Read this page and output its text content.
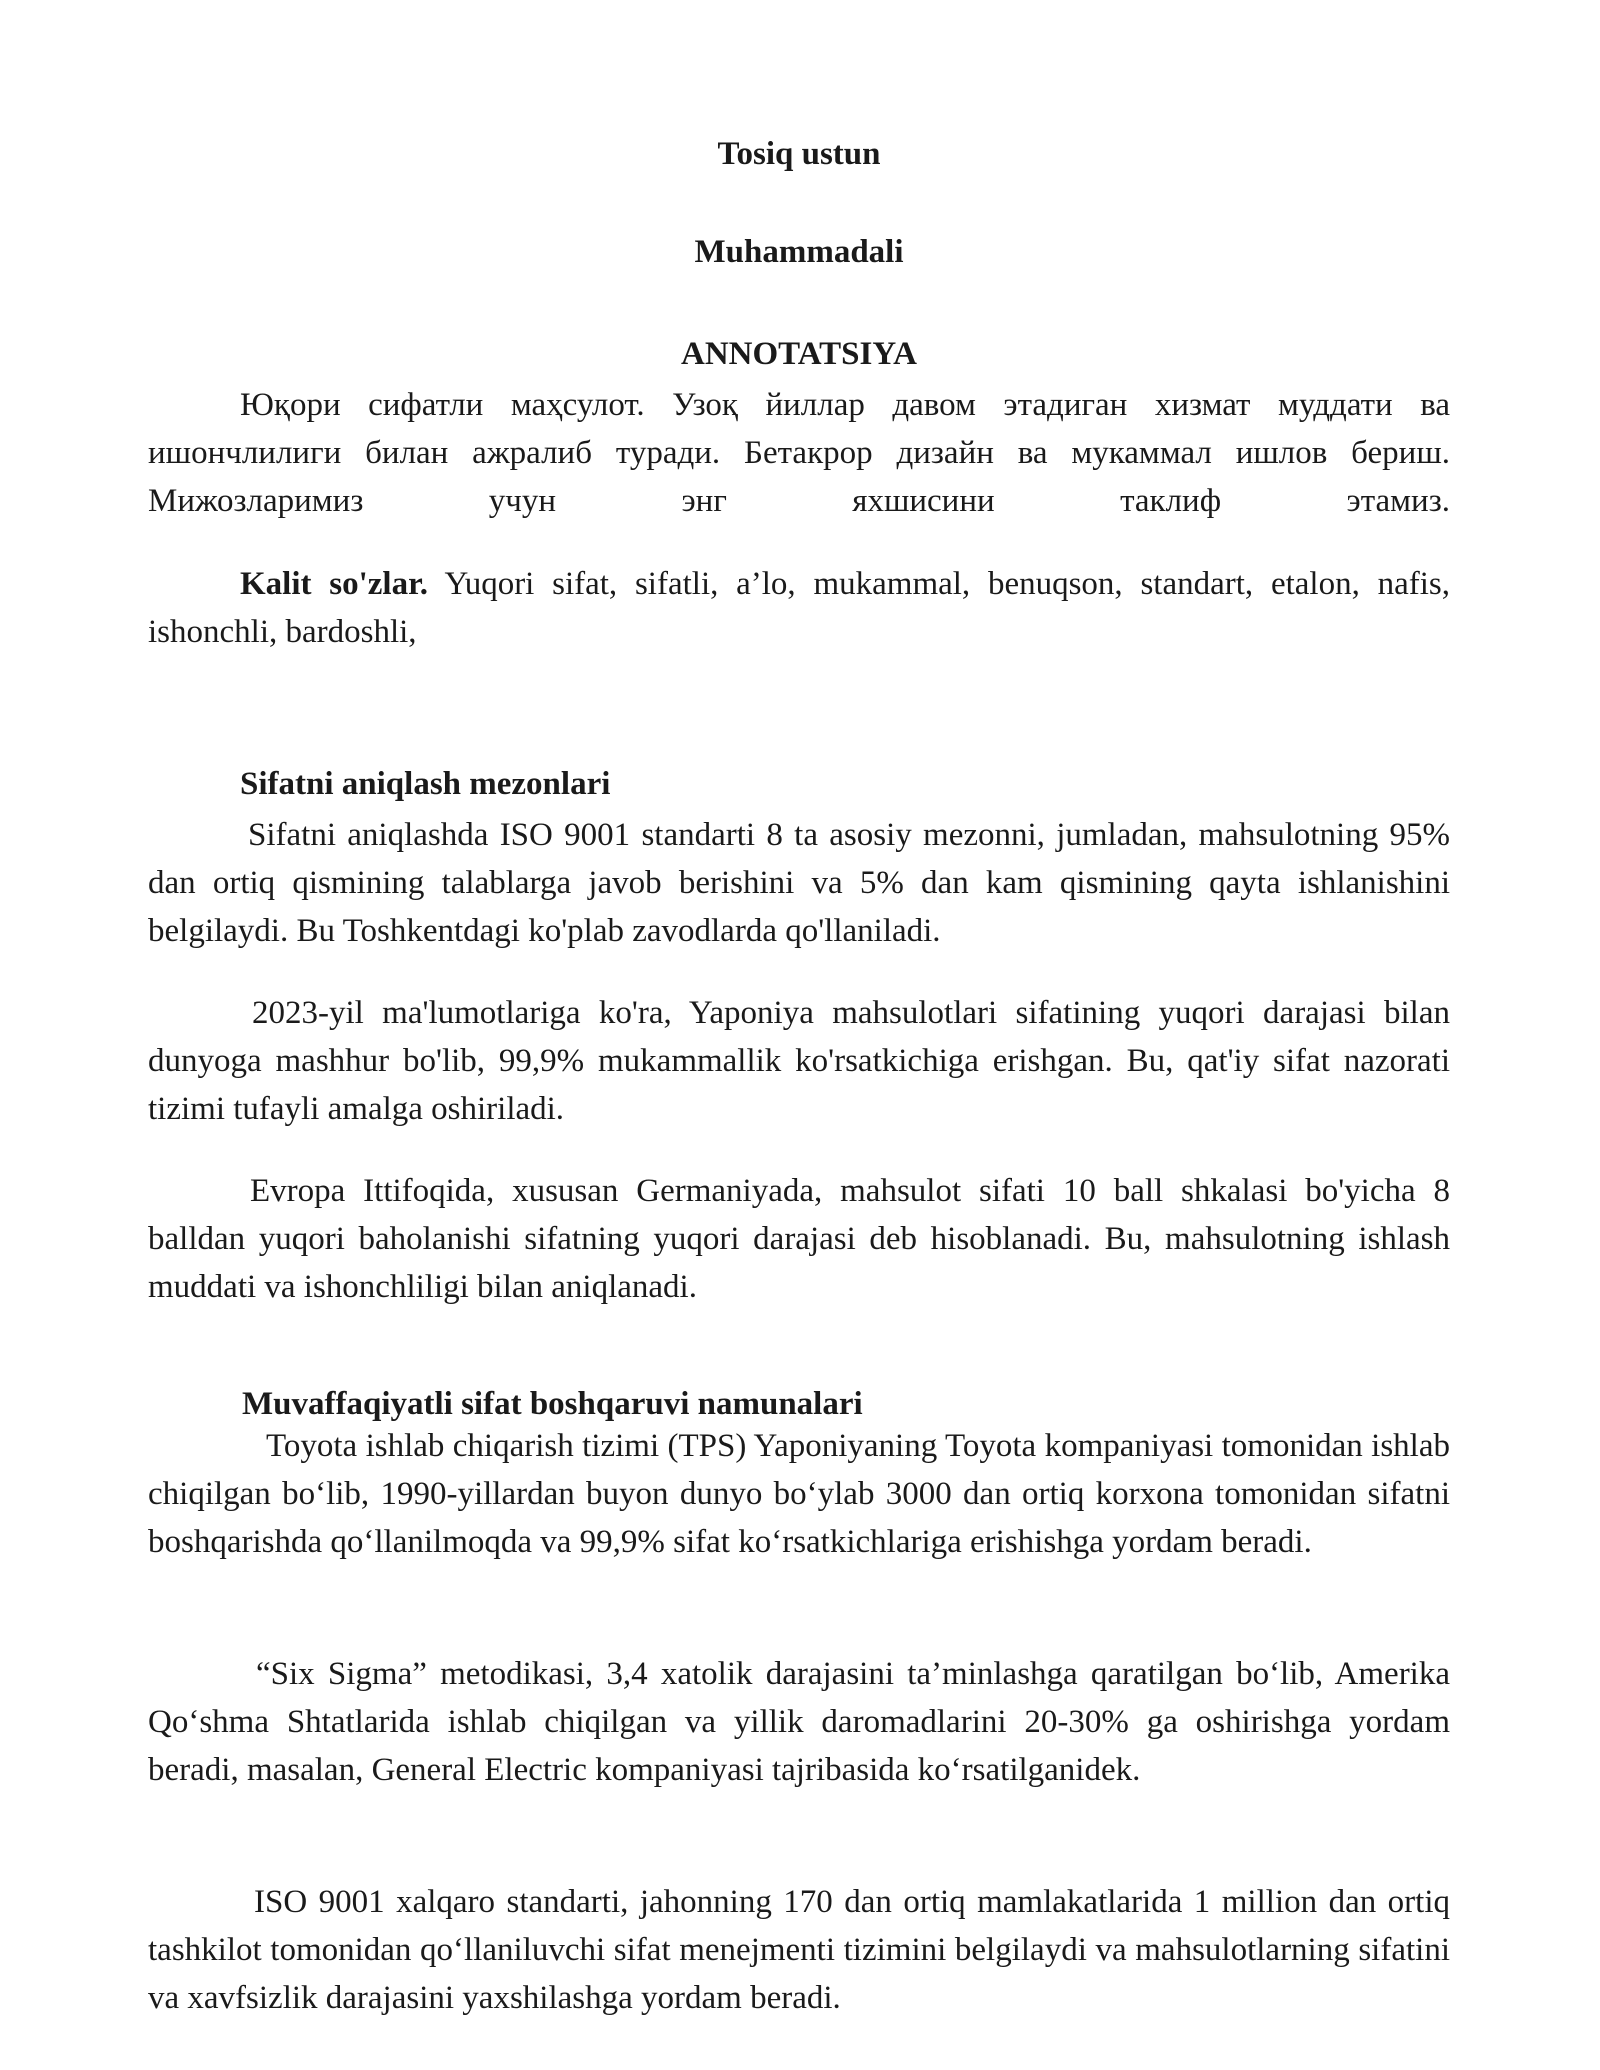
Tosiq ustun
Muhammadali
ANNOTATSIYA

Юқори сифатли маҳсулот. Узоқ йиллар давом этадиган хизмат муддати ва ишончлилиги билан ажралиб туради. Бетакрор дизайн ва мукаммал ишлов бериш. Мижозларимиз учун энг яхшисини таклиф этамиз.

Kalit so'zlar. Yuqori sifat, sifatli, a’lo, mukammal, benuqson, standart, etalon, nafis, ishonchli, bardoshli,

Sifatni aniqlash mezonlari

Sifatni aniqlashda ISO 9001 standarti 8 ta asosiy mezonni, jumladan, mahsulotning 95% dan ortiq qismining talablarga javob berishini va 5% dan kam qismining qayta ishlanishini belgilaydi. Bu Toshkentdagi ko'plab zavodlarda qo'llaniladi.

2023-yil ma'lumotlariga ko'ra, Yaponiya mahsulotlari sifatining yuqori darajasi bilan dunyoga mashhur bo'lib, 99,9% mukammallik ko'rsatkichiga erishgan. Bu, qat'iy sifat nazorati tizimi tufayli amalga oshiriladi.

Evropa Ittifoqida, xususan Germaniyada, mahsulot sifati 10 ball shkalasi bo'yicha 8 balldan yuqori baholanishi sifatning yuqori darajasi deb hisoblanadi. Bu, mahsulotning ishlash muddati va ishonchliligi bilan aniqlanadi.

Muvaffaqiyatli sifat boshqaruvi namunalari

Toyota ishlab chiqarish tizimi (TPS) Yaponiyaning Toyota kompaniyasi tomonidan ishlab chiqilgan bo‘lib, 1990-yillardan buyon dunyo bo‘ylab 3000 dan ortiq korxona tomonidan sifatni boshqarishda qo‘llanilmoqda va 99,9% sifat ko‘rsatkichlariga erishishga yordam beradi.

“Six Sigma” metodikasi, 3,4 xatolik darajasini ta’minlashga qaratilgan bo‘lib, Amerika Qo‘shma Shtatlarida ishlab chiqilgan va yillik daromadlarini 20-30% ga oshirishga yordam beradi, masalan, General Electric kompaniyasi tajribasida ko‘rsatilganidek.

ISO 9001 xalqaro standarti, jahonning 170 dan ortiq mamlakatlarida 1 million dan ortiq tashkilot tomonidan qo‘llaniluvchi sifat menejmenti tizimini belgilaydi va mahsulotlarning sifatini va xavfsizlik darajasini yaxshilashga yordam beradi.
